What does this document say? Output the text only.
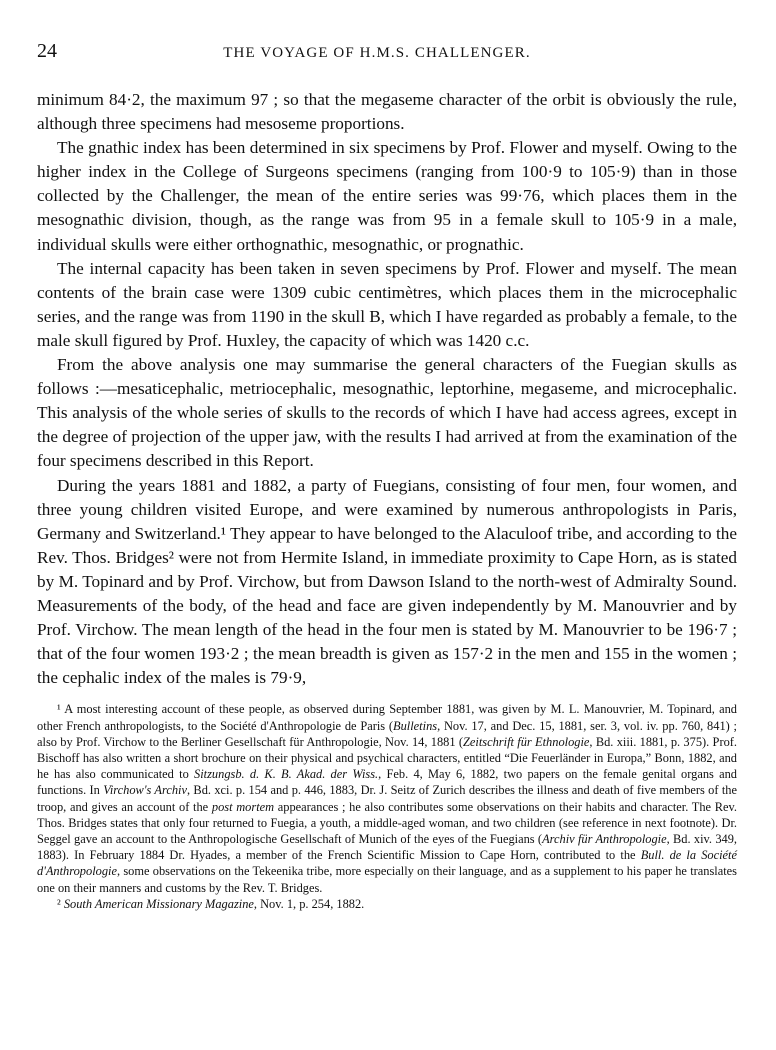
24	THE VOYAGE OF H.M.S. CHALLENGER.

minimum 84·2, the maximum 97 ; so that the megaseme character of the orbit is obviously the rule, although three specimens had mesoseme proportions.

The gnathic index has been determined in six specimens by Prof. Flower and myself. Owing to the higher index in the College of Surgeons specimens (ranging from 100·9 to 105·9) than in those collected by the Challenger, the mean of the entire series was 99·76, which places them in the mesognathic division, though, as the range was from 95 in a female skull to 105·9 in a male, individual skulls were either orthognathic, mesognathic, or prognathic.

The internal capacity has been taken in seven specimens by Prof. Flower and myself. The mean contents of the brain case were 1309 cubic centimètres, which places them in the microcephalic series, and the range was from 1190 in the skull B, which I have regarded as probably a female, to the male skull figured by Prof. Huxley, the capacity of which was 1420 c.c.

From the above analysis one may summarise the general characters of the Fuegian skulls as follows :—mesaticephalic, metriocephalic, mesognathic, leptorhine, megaseme, and microcephalic. This analysis of the whole series of skulls to the records of which I have had access agrees, except in the degree of projection of the upper jaw, with the results I had arrived at from the examination of the four specimens described in this Report.

During the years 1881 and 1882, a party of Fuegians, consisting of four men, four women, and three young children visited Europe, and were examined by numerous anthropologists in Paris, Germany and Switzerland.¹ They appear to have belonged to the Alaculoof tribe, and according to the Rev. Thos. Bridges² were not from Hermite Island, in immediate proximity to Cape Horn, as is stated by M. Topinard and by Prof. Virchow, but from Dawson Island to the north-west of Admiralty Sound. Measurements of the body, of the head and face are given independently by M. Manouvrier and by Prof. Virchow. The mean length of the head in the four men is stated by M. Manouvrier to be 196·7 ; that of the four women 193·2 ; the mean breadth is given as 157·2 in the men and 155 in the women ; the cephalic index of the males is 79·9,

¹ A most interesting account of these people, as observed during September 1881, was given by M. L. Manouvrier, M. Topinard, and other French anthropologists, to the Société d'Anthropologie de Paris (Bulletins, Nov. 17, and Dec. 15, 1881, ser. 3, vol. iv. pp. 760, 841) ; also by Prof. Virchow to the Berliner Gesellschaft für Anthropologie, Nov. 14, 1881 (Zeitschrift für Ethnologie, Bd. xiii. 1881, p. 375). Prof. Bischoff has also written a short brochure on their physical and psychical characters, entitled “Die Feuerländer in Europa,” Bonn, 1882, and he has also communicated to Sitzungsb. d. K. B. Akad. der Wiss., Feb. 4, May 6, 1882, two papers on the female genital organs and functions. In Virchow's Archiv, Bd. xci. p. 154 and p. 446, 1883, Dr. J. Seitz of Zurich describes the illness and death of five members of the troop, and gives an account of the post mortem appearances ; he also contributes some observations on their habits and character. The Rev. Thos. Bridges states that only four returned to Fuegia, a youth, a middle-aged woman, and two children (see reference in next footnote). Dr. Seggel gave an account to the Anthropologische Gesellschaft of Munich of the eyes of the Fuegians (Archiv für Anthropologie, Bd. xiv. 349, 1883). In February 1884 Dr. Hyades, a member of the French Scientific Mission to Cape Horn, contributed to the Bull. de la Société d'Anthropologie, some observations on the Tekeenika tribe, more especially on their language, and as a supplement to his paper he translates one on their manners and customs by the Rev. T. Bridges.

² South American Missionary Magazine, Nov. 1, p. 254, 1882.
